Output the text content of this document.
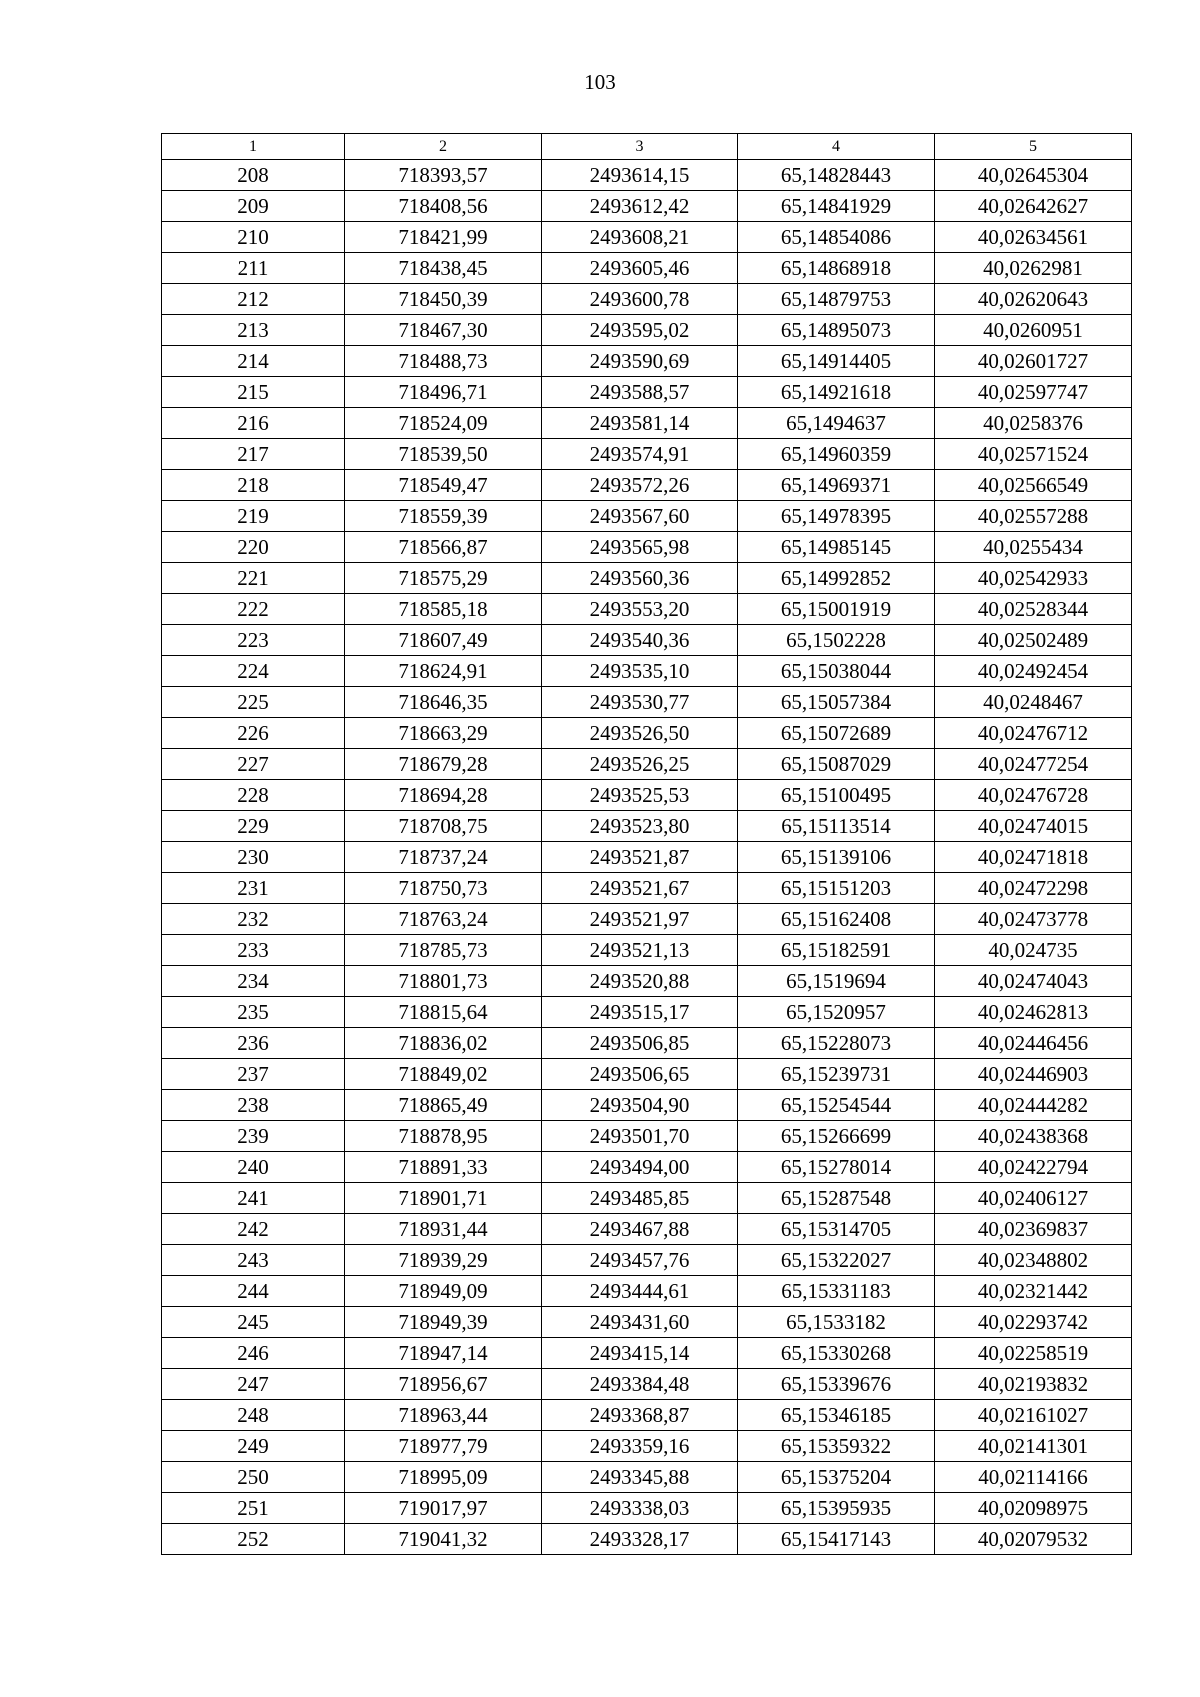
103
1	2	3	4	5
208	718393,57	2493614,15	65,14828443	40,02645304
209	718408,56	2493612,42	65,14841929	40,02642627
210	718421,99	2493608,21	65,14854086	40,02634561
211	718438,45	2493605,46	65,14868918	40,0262981
212	718450,39	2493600,78	65,14879753	40,02620643
213	718467,30	2493595,02	65,14895073	40,0260951
214	718488,73	2493590,69	65,14914405	40,02601727
215	718496,71	2493588,57	65,14921618	40,02597747
216	718524,09	2493581,14	65,1494637	40,0258376
217	718539,50	2493574,91	65,14960359	40,02571524
218	718549,47	2493572,26	65,14969371	40,02566549
219	718559,39	2493567,60	65,14978395	40,02557288
220	718566,87	2493565,98	65,14985145	40,0255434
221	718575,29	2493560,36	65,14992852	40,02542933
222	718585,18	2493553,20	65,15001919	40,02528344
223	718607,49	2493540,36	65,1502228	40,02502489
224	718624,91	2493535,10	65,15038044	40,02492454
225	718646,35	2493530,77	65,15057384	40,0248467
226	718663,29	2493526,50	65,15072689	40,02476712
227	718679,28	2493526,25	65,15087029	40,02477254
228	718694,28	2493525,53	65,15100495	40,02476728
229	718708,75	2493523,80	65,15113514	40,02474015
230	718737,24	2493521,87	65,15139106	40,02471818
231	718750,73	2493521,67	65,15151203	40,02472298
232	718763,24	2493521,97	65,15162408	40,02473778
233	718785,73	2493521,13	65,15182591	40,024735
234	718801,73	2493520,88	65,1519694	40,02474043
235	718815,64	2493515,17	65,1520957	40,02462813
236	718836,02	2493506,85	65,15228073	40,02446456
237	718849,02	2493506,65	65,15239731	40,02446903
238	718865,49	2493504,90	65,15254544	40,02444282
239	718878,95	2493501,70	65,15266699	40,02438368
240	718891,33	2493494,00	65,15278014	40,02422794
241	718901,71	2493485,85	65,15287548	40,02406127
242	718931,44	2493467,88	65,15314705	40,02369837
243	718939,29	2493457,76	65,15322027	40,02348802
244	718949,09	2493444,61	65,15331183	40,02321442
245	718949,39	2493431,60	65,1533182	40,02293742
246	718947,14	2493415,14	65,15330268	40,02258519
247	718956,67	2493384,48	65,15339676	40,02193832
248	718963,44	2493368,87	65,15346185	40,02161027
249	718977,79	2493359,16	65,15359322	40,02141301
250	718995,09	2493345,88	65,15375204	40,02114166
251	719017,97	2493338,03	65,15395935	40,02098975
252	719041,32	2493328,17	65,15417143	40,02079532
